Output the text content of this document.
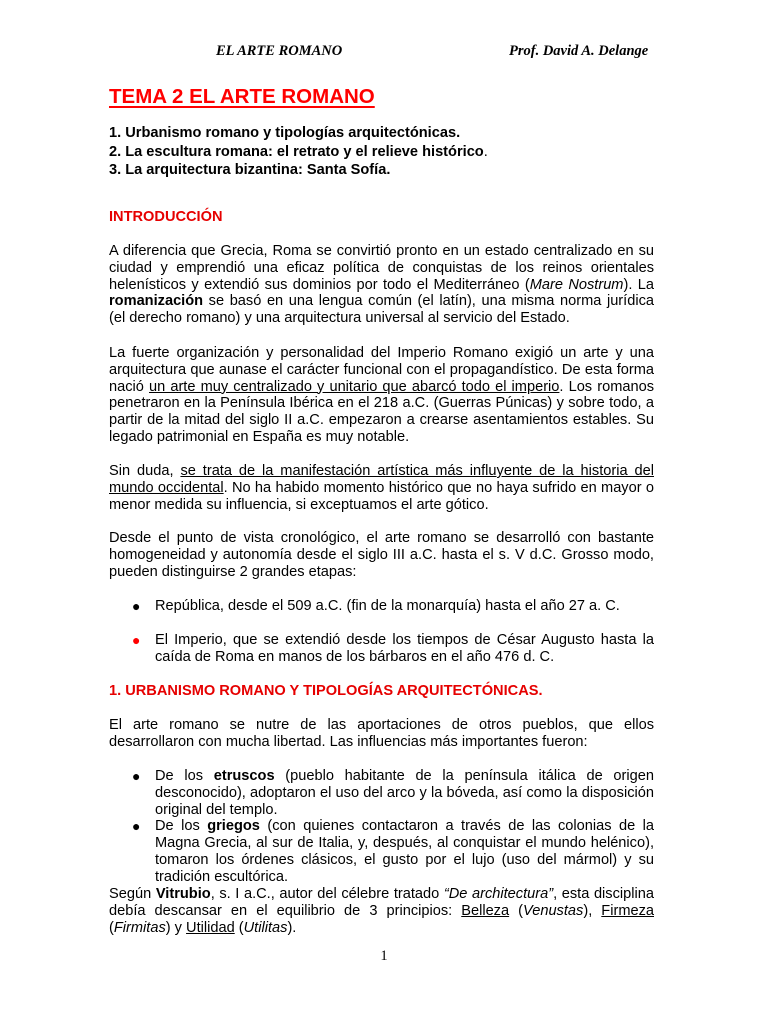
EL ARTE ROMANO	Prof. David A. Delange
TEMA 2 EL ARTE ROMANO
1. Urbanismo romano y tipologías arquitectónicas.
2. La escultura romana: el retrato y el relieve histórico.
3. La arquitectura bizantina: Santa Sofía.
INTRODUCCIÓN

A diferencia que Grecia, Roma se convirtió pronto en un estado centralizado en su ciudad y emprendió una eficaz política de conquistas de los reinos orientales helenísticos y extendió sus dominios por todo el Mediterráneo (Mare Nostrum). La romanización se basó en una lengua común (el latín), una misma norma jurídica (el derecho romano) y una arquitectura universal al servicio del Estado.

La fuerte organización y personalidad del Imperio Romano exigió un arte y una arquitectura que aunase el carácter funcional con el propagandístico. De esta forma nació un arte muy centralizado y unitario que abarcó todo el imperio. Los romanos penetraron en la Península Ibérica en el 218 a.C. (Guerras Púnicas) y sobre todo, a partir de la mitad del siglo II a.C. empezaron a crearse asentamientos estables. Su legado patrimonial en España es muy notable.

Sin duda, se trata de la manifestación artística más influyente de la historia del mundo occidental. No ha habido momento histórico que no haya sufrido en mayor o menor medida su influencia, si exceptuamos el arte gótico.

Desde el punto de vista cronológico, el arte romano se desarrolló con bastante homogeneidad y autonomía desde el siglo III a.C. hasta el s. V d.C. Grosso modo, pueden distinguirse 2 grandes etapas:

● República, desde el 509 a.C. (fin de la monarquía) hasta el año 27 a. C.
● El Imperio, que se extendió desde los tiempos de César Augusto hasta la caída de Roma en manos de los bárbaros en el año 476 d. C.
1. URBANISMO ROMANO Y TIPOLOGÍAS ARQUITECTÓNICAS.

El arte romano se nutre de las aportaciones de otros pueblos, que ellos desarrollaron con mucha libertad. Las influencias más importantes fueron:

● De los etruscos (pueblo habitante de la península itálica de origen desconocido), adoptaron el uso del arco y la bóveda, así como la disposición original del templo.
● De los griegos (con quienes contactaron a través de las colonias de la Magna Grecia, al sur de Italia, y, después, al conquistar el mundo helénico), tomaron los órdenes clásicos, el gusto por el lujo (uso del mármol) y su tradición escultórica.

Según Vitrubio, s. I a.C., autor del célebre tratado “De architectura”, esta disciplina debía descansar en el equilibrio de 3 principios: Belleza (Venustas), Firmeza (Firmitas) y Utilidad (Utilitas).

1
